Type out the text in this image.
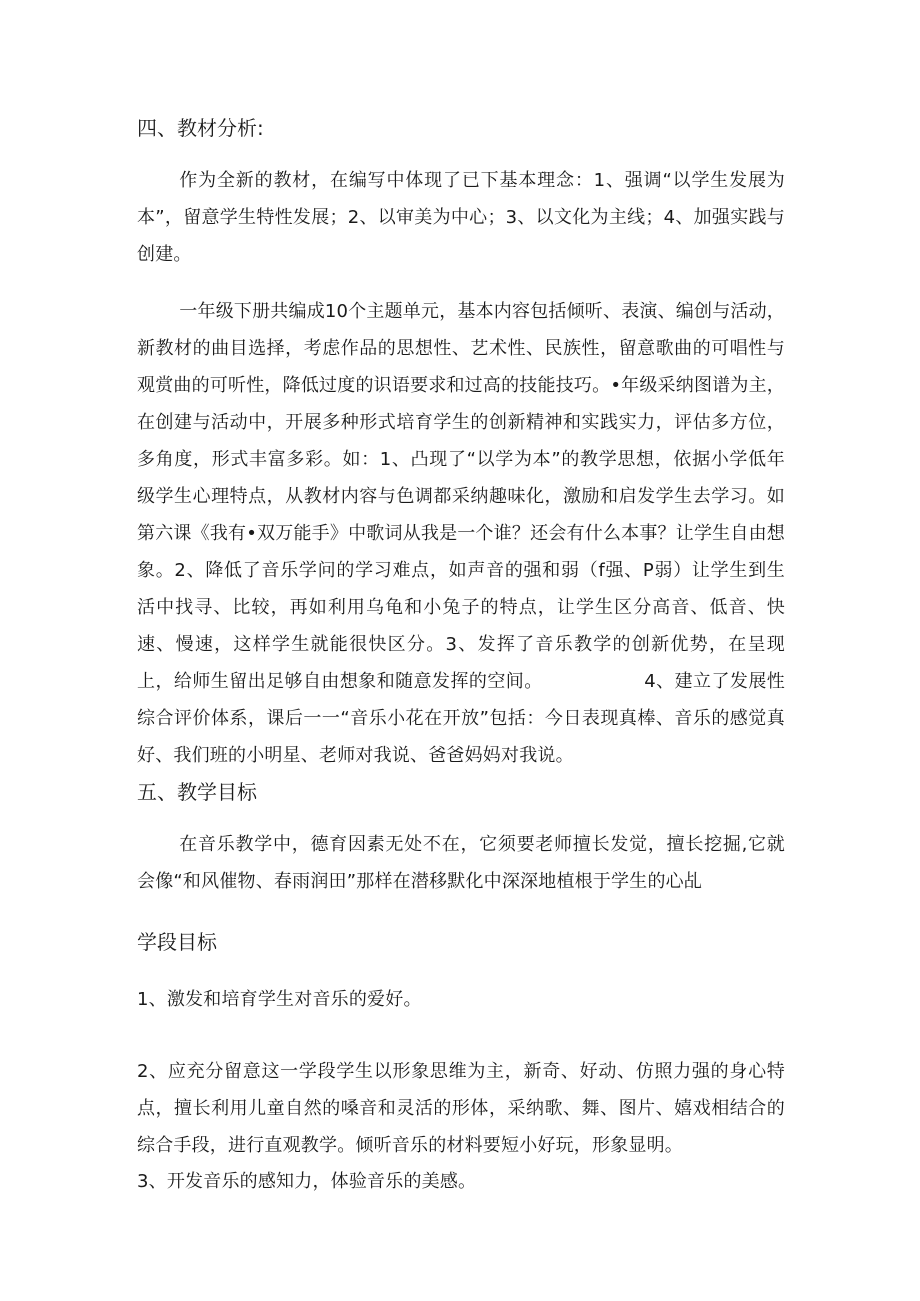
四、教材分析:

作为全新的教材，在编写中体现了已下基本理念：1、强调“以学生发展为本”，留意学生特性发展；2、以审美为中心；3、以文化为主线；4、加强实践与创建。

一年级下册共编成10个主题单元，基本内容包括倾听、表演、编创与活动，新教材的曲目选择，考虑作品的思想性、艺术性、民族性，留意歌曲的可唱性与观赏曲的可听性，降低过度的识语要求和过高的技能技巧。•年级采纳图谱为主，在创建与活动中，开展多种形式培育学生的创新精神和实践实力，评估多方位，多角度，形式丰富多彩。如：1、凸现了“以学为本”的教学思想，依据小学低年级学生心理特点，从教材内容与色调都采纳趣味化，激励和启发学生去学习。如第六课《我有•双万能手》中歌词从我是一个谁？还会有什么本事？让学生自由想象。2、降低了音乐学问的学习难点，如声音的强和弱（f强、P弱）让学生到生活中找寻、比较，再如利用乌龟和小兔子的特点，让学生区分高音、低音、快速、慢速，这样学生就能很快区分。3、发挥了音乐教学的创新优势，在呈现上，给师生留出足够自由想象和随意发挥的空间。　　　　　　4、建立了发展性综合评价体系，课后一一“音乐小花在开放”包括：今日表现真棒、音乐的感觉真好、我们班的小明星、老师对我说、爸爸妈妈对我说。

五、教学目标

在音乐教学中，德育因素无处不在，它须要老师擅长发觉，擅长挖掘,它就会像“和风催物、春雨润田”那样在潜移默化中深深地植根于学生的心乩

学段目标

1、激发和培育学生对音乐的爱好。

2、应充分留意这一学段学生以形象思维为主，新奇、好动、仿照力强的身心特点，擅长利用儿童自然的嗓音和灵活的形体，采纳歌、舞、图片、嬉戏相结合的综合手段，进行直观教学。倾听音乐的材料要短小好玩，形象显明。

3、开发音乐的感知力，体验音乐的美感。
